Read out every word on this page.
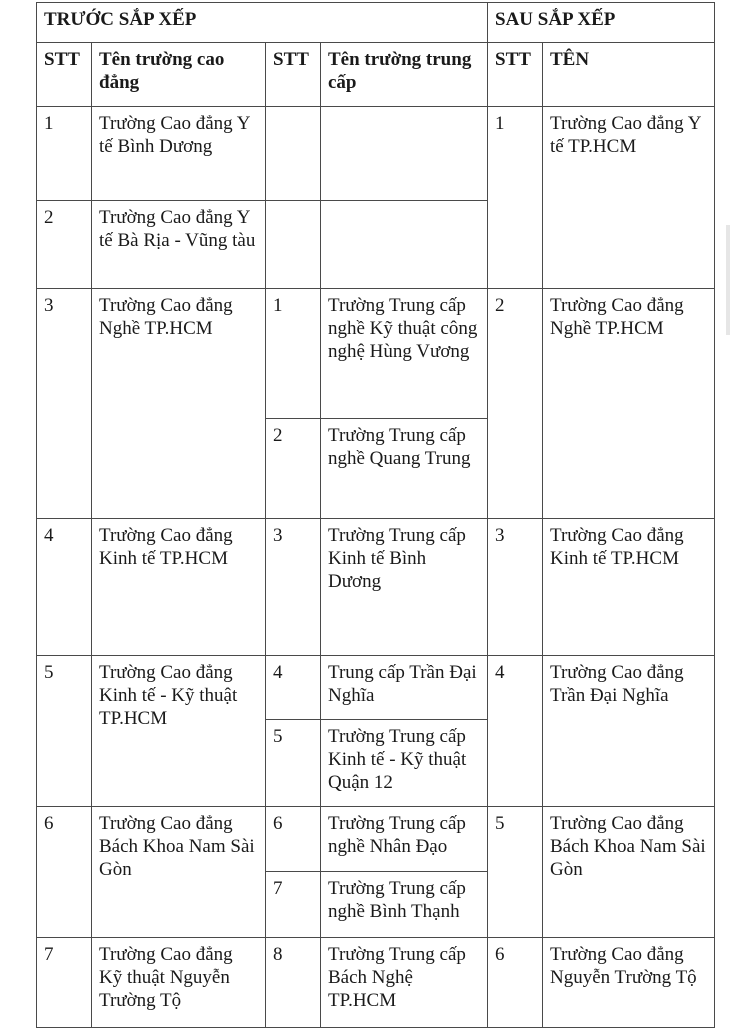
TRƯỚC SẮP XẾP				SAU SẮP XẾP	
STT	Tên trường cao đẳng	STT	Tên trường trung cấp	STT	TÊN
1	Trường Cao đẳng Y tế Bình Dương			1	Trường Cao đẳng Y tế TP.HCM
2	Trường Cao đẳng Y tế Bà Rịa - Vũng tàu				
3	Trường Cao đẳng Nghề TP.HCM	1	Trường Trung cấp nghề Kỹ thuật công nghệ Hùng Vương	2	Trường Cao đẳng Nghề TP.HCM
		2	Trường Trung cấp nghề Quang Trung		
4	Trường Cao đẳng Kinh tế TP.HCM	3	Trường Trung cấp Kinh tế Bình Dương	3	Trường Cao đẳng Kinh tế TP.HCM
5	Trường Cao đẳng Kinh tế - Kỹ thuật TP.HCM	4	Trung cấp Trần Đại Nghĩa	4	Trường Cao đẳng Trần Đại Nghĩa
		5	Trường Trung cấp Kinh tế - Kỹ thuật Quận 12		
6	Trường Cao đẳng Bách Khoa Nam Sài Gòn	6	Trường Trung cấp nghề Nhân Đạo	5	Trường Cao đẳng Bách Khoa Nam Sài Gòn
		7	Trường Trung cấp nghề Bình Thạnh		
7	Trường Cao đẳng Kỹ thuật Nguyễn Trường Tộ	8	Trường Trung cấp Bách Nghệ TP.HCM	6	Trường Cao đẳng Nguyễn Trường Tộ
